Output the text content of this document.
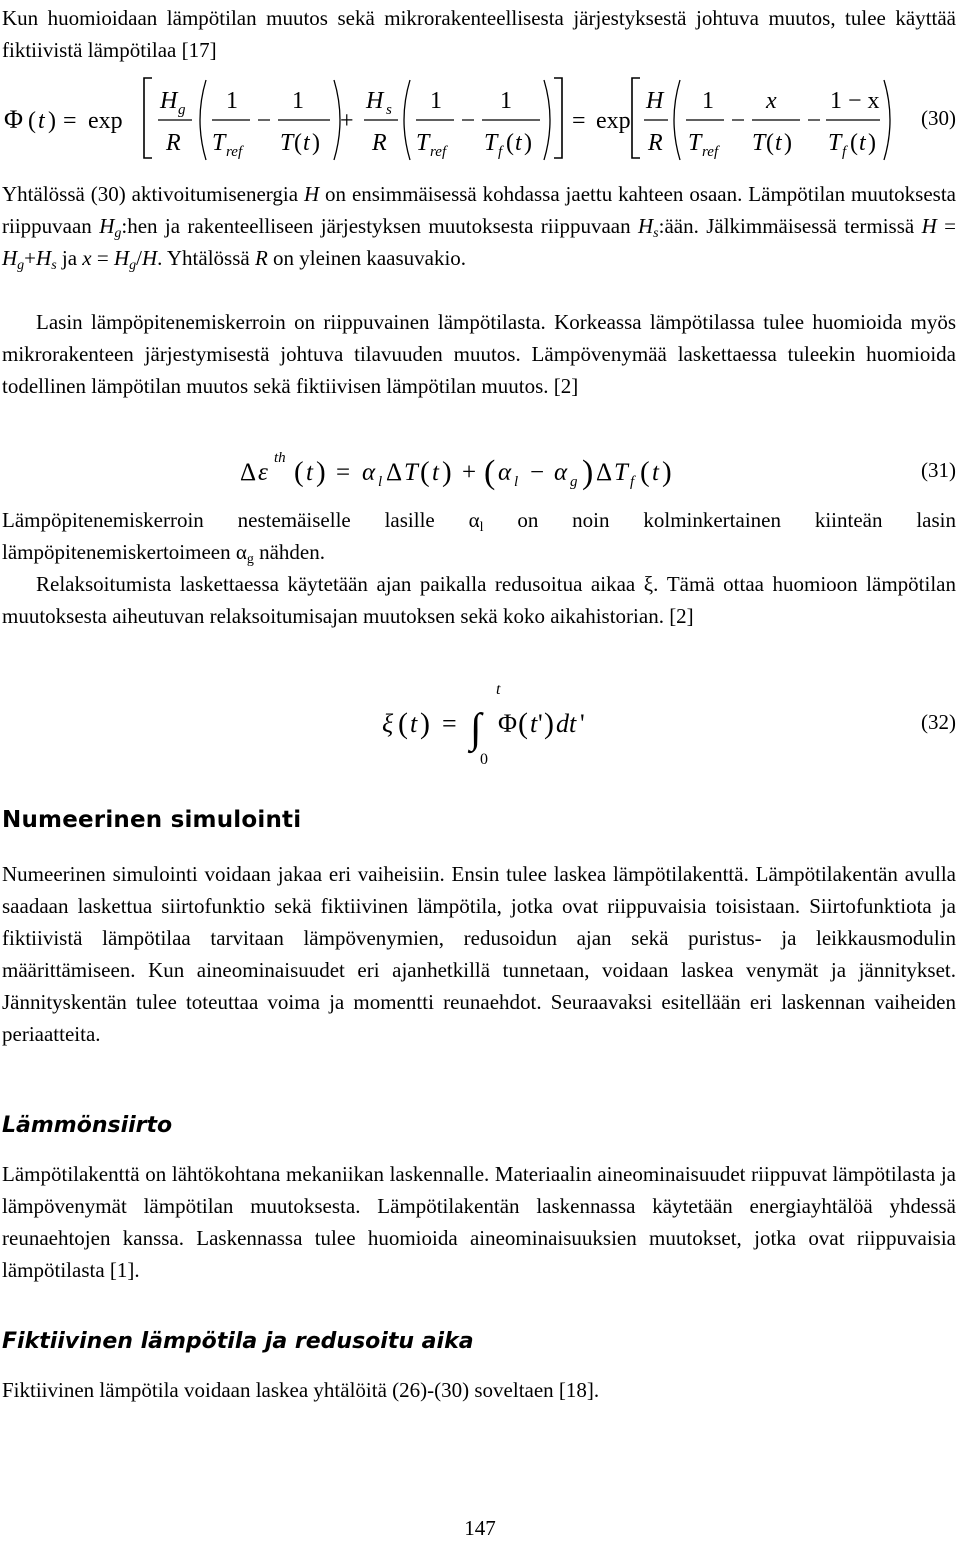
Kun huomioidaan lämpötilan muutos sekä mikrorakenteellisesta järjestyksestä johtuva muutos, tulee käyttää fiktiivistä lämpötilaa [17]

Φ ( t ) = exp
H g
R
1
T ref
1
T ( t )
+
H s
R
1
T ref
1
T f ( t )
= exp
H
R
1
T ref
x
T ( t )
1 − x
T f ( t )
(30)

Yhtälössä (30) aktivoitumisenergia H on ensimmäisessä kohdassa jaettu kahteen osaan. Lämpötilan muutoksesta riippuvaan $H_g:hen$ ja rakenteelliseen järjestyksen muutoksesta riippuvaan $H_s:ään$. Jälkimmäisessä termissä $H = H_g+H_s$ ja $x = H_g/H$. Yhtälössä R on yleinen kaasuvakio.

Lasin lämpöpitenemiskerroin on riippuvainen lämpötilasta. Korkeassa lämpötilassa tulee huomioida myös mikrorakenteen järjestymisestä johtuva tilavuuden muutos. Lämpövenymää laskettaessa tuleekin huomioida todellinen lämpötilan muutos sekä fiktiivisen lämpötilan muutos. [2]

Δ ε
th ( t ) = α l Δ T ( t ) + ( α l − α g ) Δ T f ( t )	(31)

Lämpöpitenemiskerroin nestemäiselle lasille $\alpha_l$ on noin kolminkertainen kiinteän lasin lämpöpitenemiskertoimeen $\alpha_g$ nähden.

Relaksoitumista laskettaessa käytetään ajan paikalla redusoitua aikaa ξ. Tämä ottaa huomioon lämpötilan muutoksesta aiheutuvan relaksoitumisajan muutoksen sekä koko aikahistorian. [2]

ξ ( t ) =
t
∫
0
Φ ( t ' ) dt '	(32)
Numeerinen simulointi

Numeerinen simulointi voidaan jakaa eri vaiheisiin. Ensin tulee laskea lämpötilakenttä. Lämpötilakentän avulla saadaan laskettua siirtofunktio sekä fiktiivinen lämpötila, jotka ovat riippuvaisia toisistaan. Siirtofunktiota ja fiktiivistä lämpötilaa tarvitaan lämpövenymien, redusoidun ajan sekä puristus- ja leikkausmodulin määrittämiseen. Kun aineominaisuudet eri ajanhetkillä tunnetaan, voidaan laskea venymät ja jännitykset. Jännityskentän tulee toteuttaa voima ja momentti reunaehdot. Seuraavaksi esitellään eri laskennan vaiheiden periaatteita.

Lämmönsiirto

Lämpötilakenttä on lähtökohtana mekaniikan laskennalle. Materiaalin aineominaisuudet riippuvat lämpötilasta ja lämpövenymät lämpötilan muutoksesta. Lämpötilakentän laskennassa käytetään energiayhtälöä yhdessä reunaehtojen kanssa. Laskennassa tulee huomioida aineominaisuuksien muutokset, jotka ovat riippuvaisia lämpötilasta [1].

Fiktiivinen lämpötila ja redusoitu aika

Fiktiivinen lämpötila voidaan laskea yhtälöitä (26)-(30) soveltaen [18].

147
